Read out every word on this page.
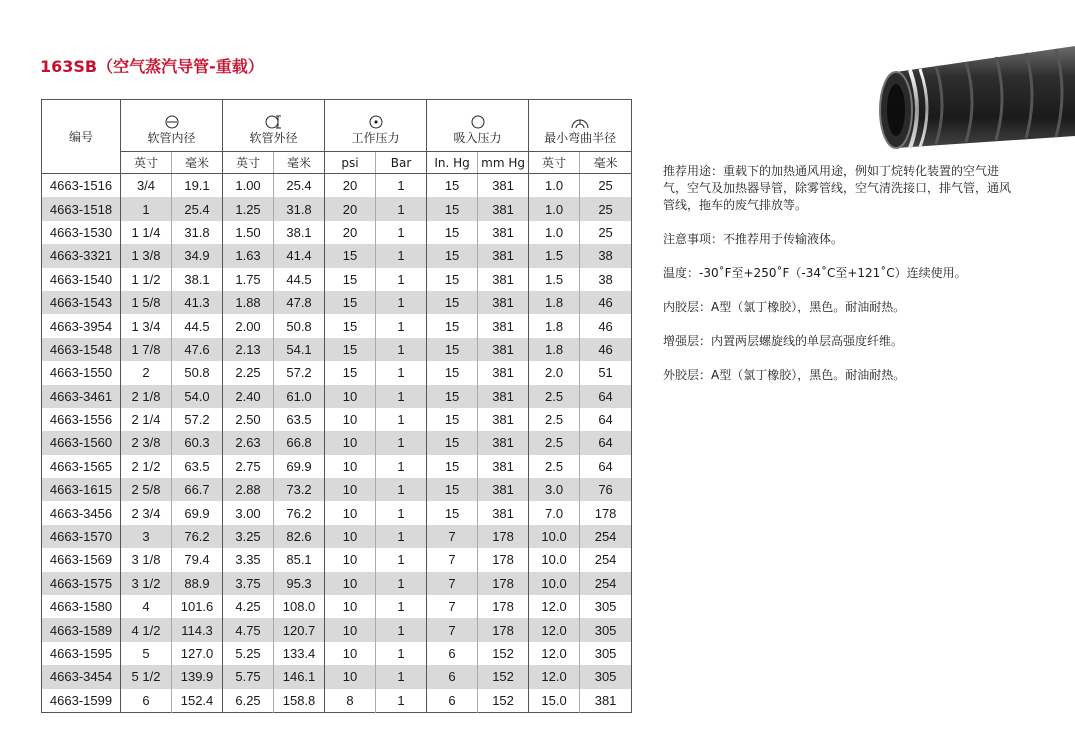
163SB（空气蒸汽导管-重载）
编号	软管内径		软管外径		工作压力		吸入压力		最小弯曲半径	
	英寸	毫米	英寸	毫米	psi	Bar	In. Hg	mm Hg	英寸	毫米
4663-1516	3/4	19.1	1.00	25.4	20	1	15	381	1.0	25
4663-1518	1	25.4	1.25	31.8	20	1	15	381	1.0	25
4663-1530	1 1/4	31.8	1.50	38.1	20	1	15	381	1.0	25
4663-3321	1 3/8	34.9	1.63	41.4	15	1	15	381	1.5	38
4663-1540	1 1/2	38.1	1.75	44.5	15	1	15	381	1.5	38
4663-1543	1 5/8	41.3	1.88	47.8	15	1	15	381	1.8	46
4663-3954	1 3/4	44.5	2.00	50.8	15	1	15	381	1.8	46
4663-1548	1 7/8	47.6	2.13	54.1	15	1	15	381	1.8	46
4663-1550	2	50.8	2.25	57.2	15	1	15	381	2.0	51
4663-3461	2 1/8	54.0	2.40	61.0	10	1	15	381	2.5	64
4663-1556	2 1/4	57.2	2.50	63.5	10	1	15	381	2.5	64
4663-1560	2 3/8	60.3	2.63	66.8	10	1	15	381	2.5	64
4663-1565	2 1/2	63.5	2.75	69.9	10	1	15	381	2.5	64
4663-1615	2 5/8	66.7	2.88	73.2	10	1	15	381	3.0	76
4663-3456	2 3/4	69.9	3.00	76.2	10	1	15	381	7.0	178
4663-1570	3	76.2	3.25	82.6	10	1	7	178	10.0	254
4663-1569	3 1/8	79.4	3.35	85.1	10	1	7	178	10.0	254
4663-1575	3 1/2	88.9	3.75	95.3	10	1	7	178	10.0	254
4663-1580	4	101.6	4.25	108.0	10	1	7	178	12.0	305
4663-1589	4 1/2	114.3	4.75	120.7	10	1	7	178	12.0	305
4663-1595	5	127.0	5.25	133.4	10	1	6	152	12.0	305
4663-3454	5 1/2	139.9	5.75	146.1	10	1	6	152	12.0	305
4663-1599	6	152.4	6.25	158.8	8	1	6	152	15.0	381

推荐用途：重载下的加热通风用途，例如丁烷转化装置的空气进

气，空气及加热器导管，除雾管线，空气清洗接口，排气管，通风

管线，拖车的废气排放等。

注意事项：不推荐用于传输液体。

温度：-30˚F至+250˚F（-34˚C至+121˚C）连续使用。

内胶层：A型（氯丁橡胶），黑色。耐油耐热。

增强层：内置两层螺旋线的单层高强度纤维。

外胶层：A型（氯丁橡胶），黑色。耐油耐热。
